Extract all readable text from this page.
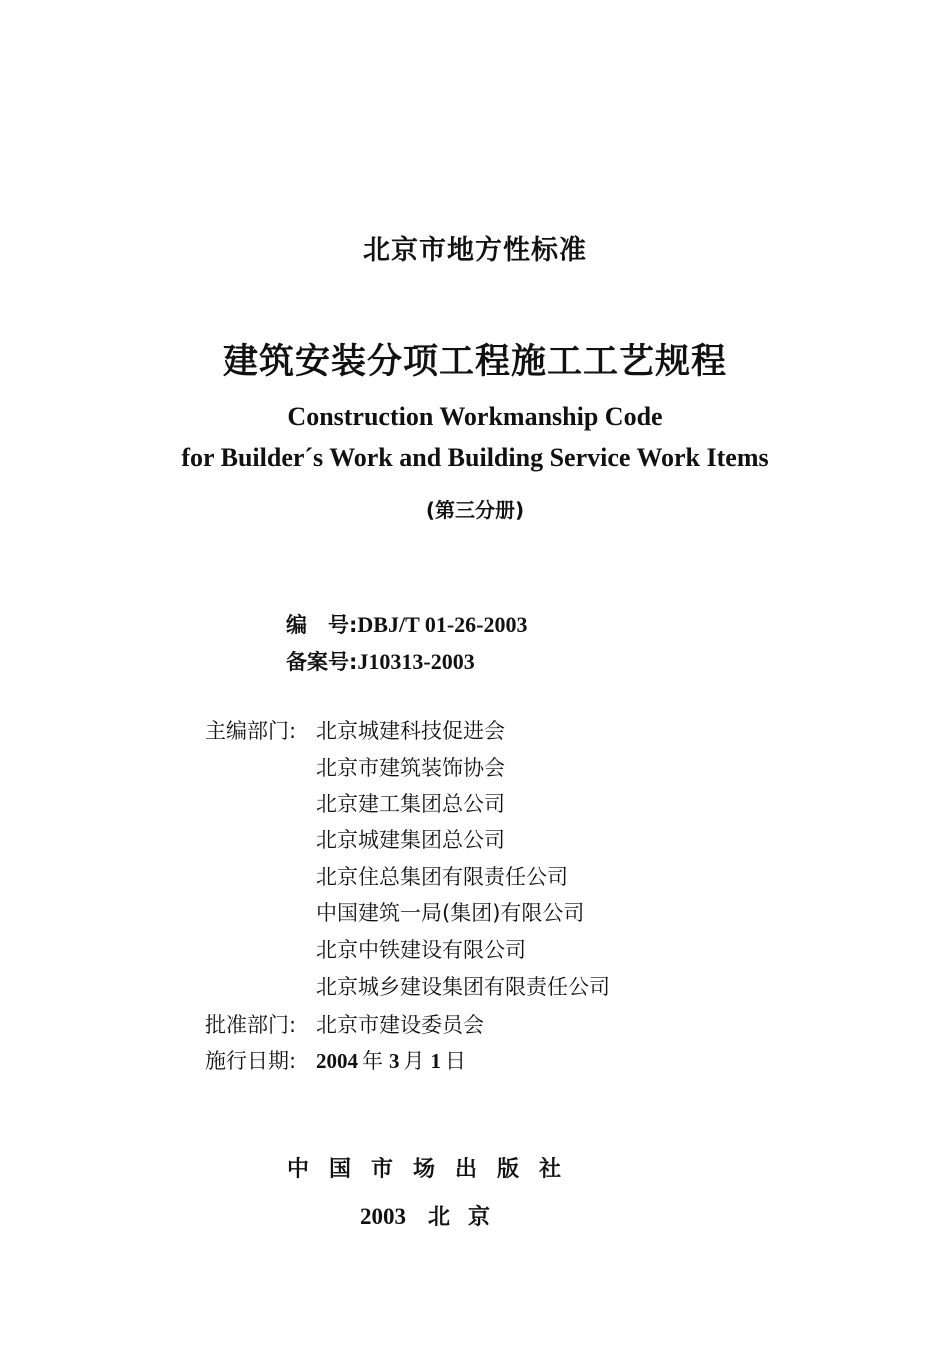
北京市地方性标准
建筑安装分项工程施工工艺规程
Construction Workmanship Code
for Builder´s Work and Building Service Work Items
(第三分册)
编　号:DBJ/T 01-26-2003
备案号:J10313-2003
主编部门: 北京城建科技促进会
北京市建筑装饰协会
北京建工集团总公司
北京城建集团总公司
北京住总集团有限责任公司
中国建筑一局(集团)有限公司
北京中铁建设有限公司
北京城乡建设集团有限责任公司
批准部门: 北京市建设委员会
施行日期: 2004 年 3 月 1 日
中国市场出版社
2003 北京
